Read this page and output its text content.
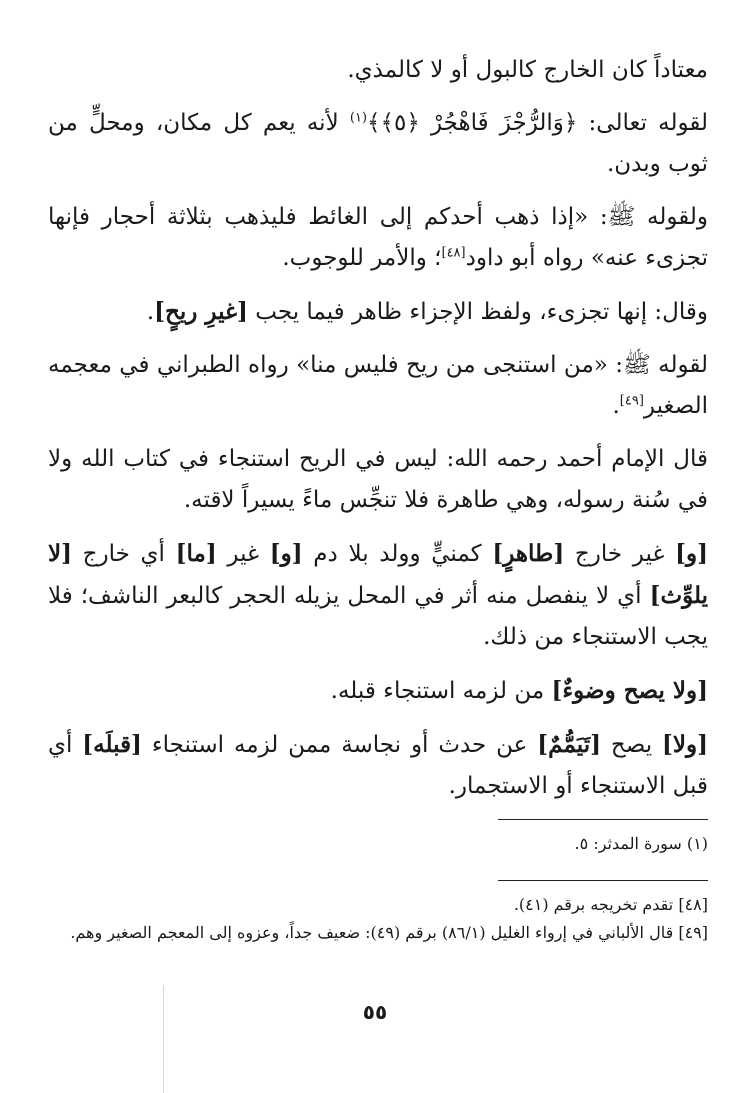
معتاداً كان الخارج كالبول أو لا كالمذي.

لقوله تعالى: ﴿وَالرُّجْزَ فَاهْجُرْ ﴿٥﴾﴾$^{(١)}$ لأنه يعم كل مكان، ومحلٍّ من ثوب وبدن.

ولقوله ﷺ: «إذا ذهب أحدكم إلى الغائط فليذهب بثلاثة أحجار فإنها تجزىء عنه» رواه أبو داود[٤٨]؛ والأمر للوجوب.

وقال: إنها تجزىء، ولفظ الإجزاء ظاهر فيما يجب [غيرِ ريحٍ].

لقوله ﷺ: «من استنجى من ريح فليس منا» رواه الطبراني في معجمه الصغير[٤٩].

قال الإمام أحمد رحمه الله: ليس في الريح استنجاء في كتاب الله ولا في سُنة رسوله، وهي طاهرة فلا تنجِّس ماءً يسيراً لاقته.

[و] غير خارج [طاهرٍ] كمنيٍّ وولد بلا دم [و] غير [ما] أي خارج [لا يلوِّث] أي لا ينفصل منه أثر في المحل يزيله الحجر كالبعر الناشف؛ فلا يجب الاستنجاء من ذلك.

[ولا يصح وضوءٌ] من لزمه استنجاء قبله.

[ولا] يصح [تَيَمُّمٌ] عن حدث أو نجاسة ممن لزمه استنجاء [قبلَه] أي قبل الاستنجاء أو الاستجمار.

(١) سورة المدثر: ٥.

[٤٨] تقدم تخريجه برقم (٤١).

[٤٩] قال الألباني في إرواء الغليل (٨٦/١) برقم (٤٩): ضعيف جداً، وعزوه إلى المعجم الصغير وهم.

٥٥
